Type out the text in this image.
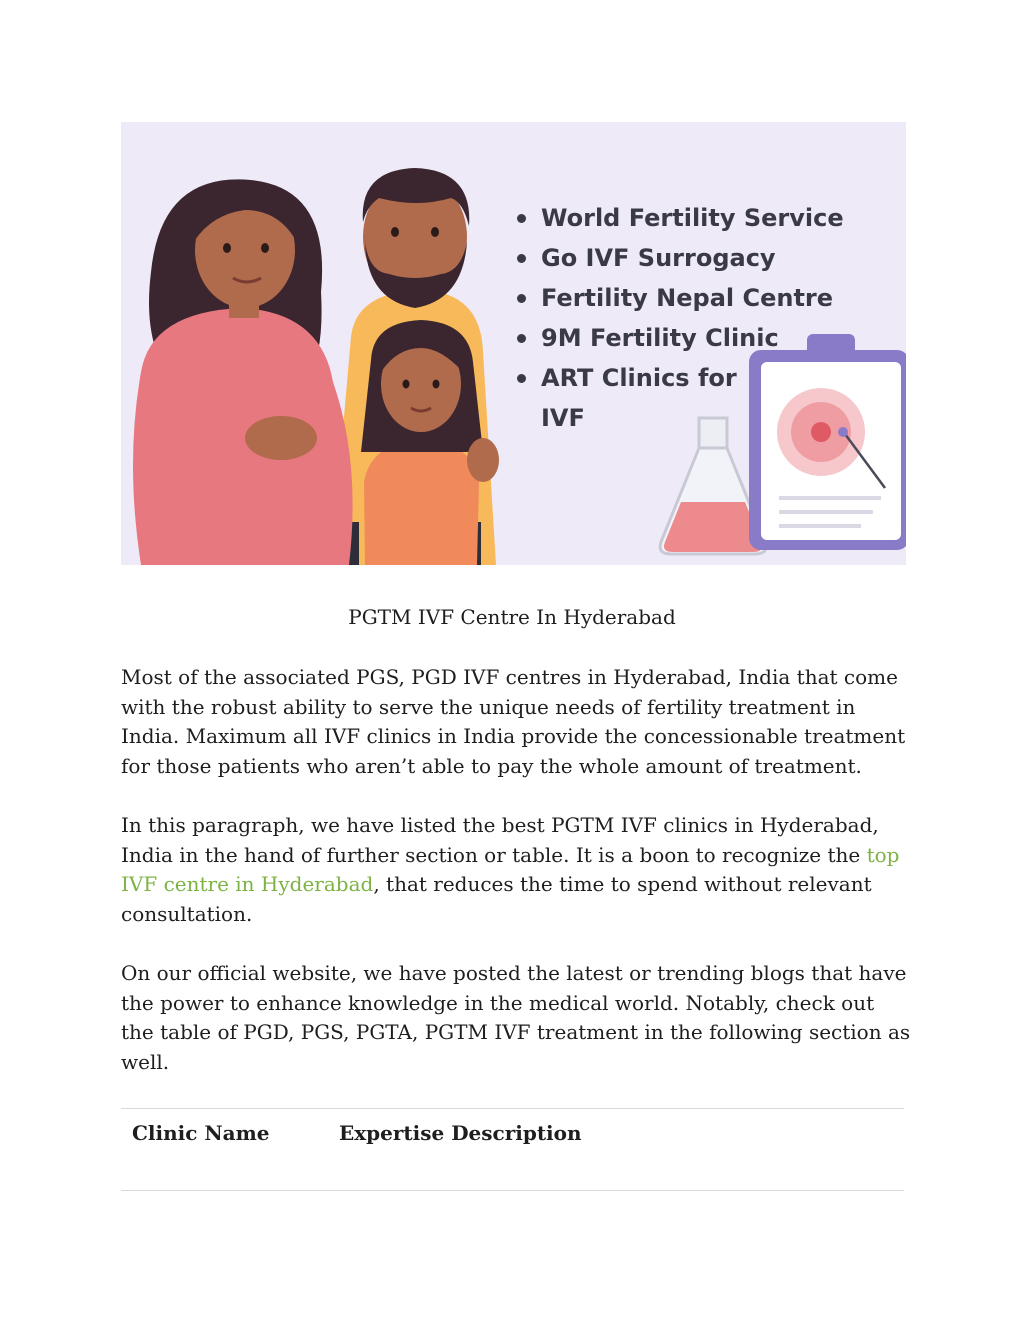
World Fertility Service
Go IVF Surrogacy
Fertility Nepal Centre
9M Fertility Clinic
ART Clinics for
IVF
PGTM IVF Centre In Hyderabad

Most of the associated PGS, PGD IVF centres in Hyderabad, India that come with the robust ability to serve the unique needs of fertility treatment in India. Maximum all IVF clinics in India provide the concessionable treatment for those patients who aren’t able to pay the whole amount of treatment.

In this paragraph, we have listed the best PGTM IVF clinics in Hyderabad, India in the hand of further section or table. It is a boon to recognize the top IVF centre in Hyderabad, that reduces the time to spend without relevant consultation.

On our official website, we have posted the latest or trending blogs that have the power to enhance knowledge in the medical world. Notably, check out the table of PGD, PGS, PGTA, PGTM IVF treatment in the following section as well.

Clinic Name	Expertise Description
